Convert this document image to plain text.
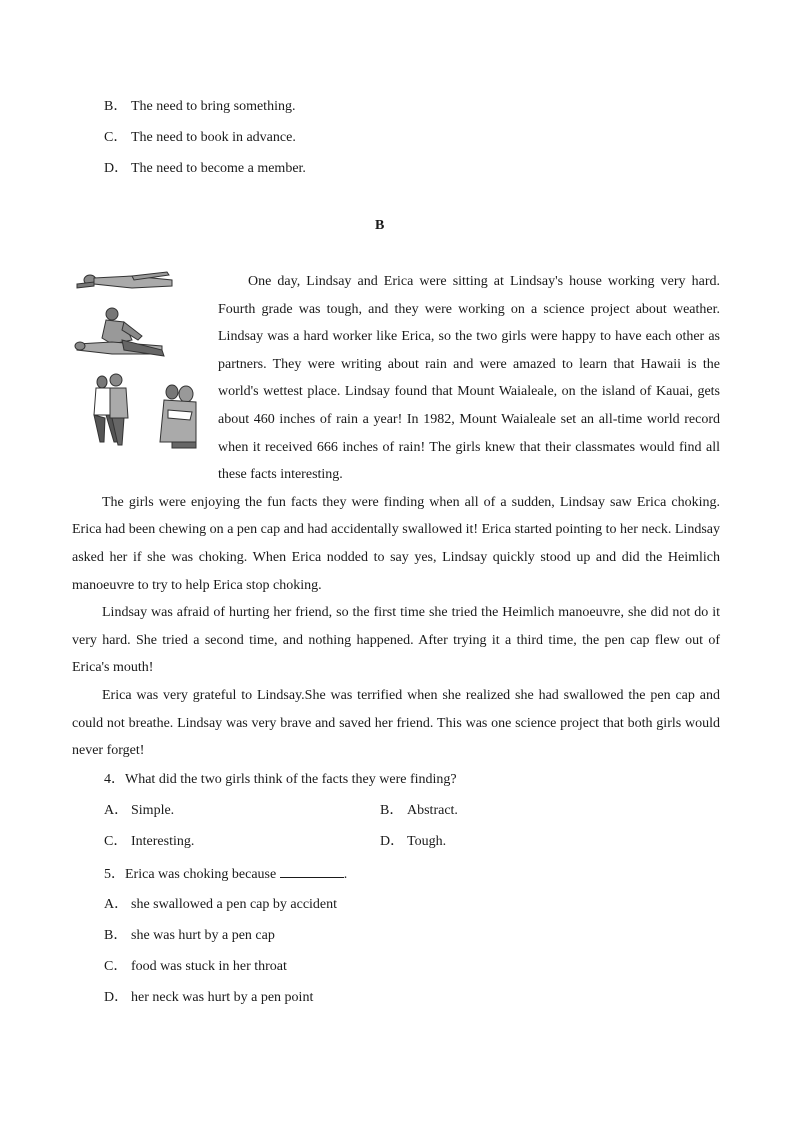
B． The need to bring something.
C． The need to book in advance.
D． The need to become a member.
B

One day, Lindsay and Erica were sitting at Lindsay's house working very hard. Fourth grade was tough, and they were working on a science project about weather. Lindsay was a hard worker like Erica, so the two girls were happy to have each other as partners. They were writing about rain and were amazed to learn that Hawaii is the world's wettest place. Lindsay found that Mount Waialeale, on the island of Kauai, gets about 460 inches of rain a year! In 1982, Mount Waialeale set an all-time world record when it received 666 inches of rain! The girls knew that their classmates would find all these facts interesting.

The girls were enjoying the fun facts they were finding when all of a sudden, Lindsay saw Erica choking. Erica had been chewing on a pen cap and had accidentally swallowed it! Erica started pointing to her neck. Lindsay asked her if she was choking. When Erica nodded to say yes, Lindsay quickly stood up and did the Heimlich manoeuvre to try to help Erica stop choking.

Lindsay was afraid of hurting her friend, so the first time she tried the Heimlich manoeuvre, she did not do it very hard. She tried a second time, and nothing happened. After trying it a third time, the pen cap flew out of Erica's mouth!

Erica was very grateful to Lindsay.She was terrified when she realized she had swallowed the pen cap and could not breathe. Lindsay was very brave and saved her friend. This was one science project that both girls would never forget!

4．What did the two girls think of the facts they were finding?
A． Simple.	B． Abstract.
C． Interesting.	D． Tough.
5．Erica was choking because	.
A． she swallowed a pen cap by accident
B． she was hurt by a pen cap
C． food was stuck in her throat
D． her neck was hurt by a pen point
